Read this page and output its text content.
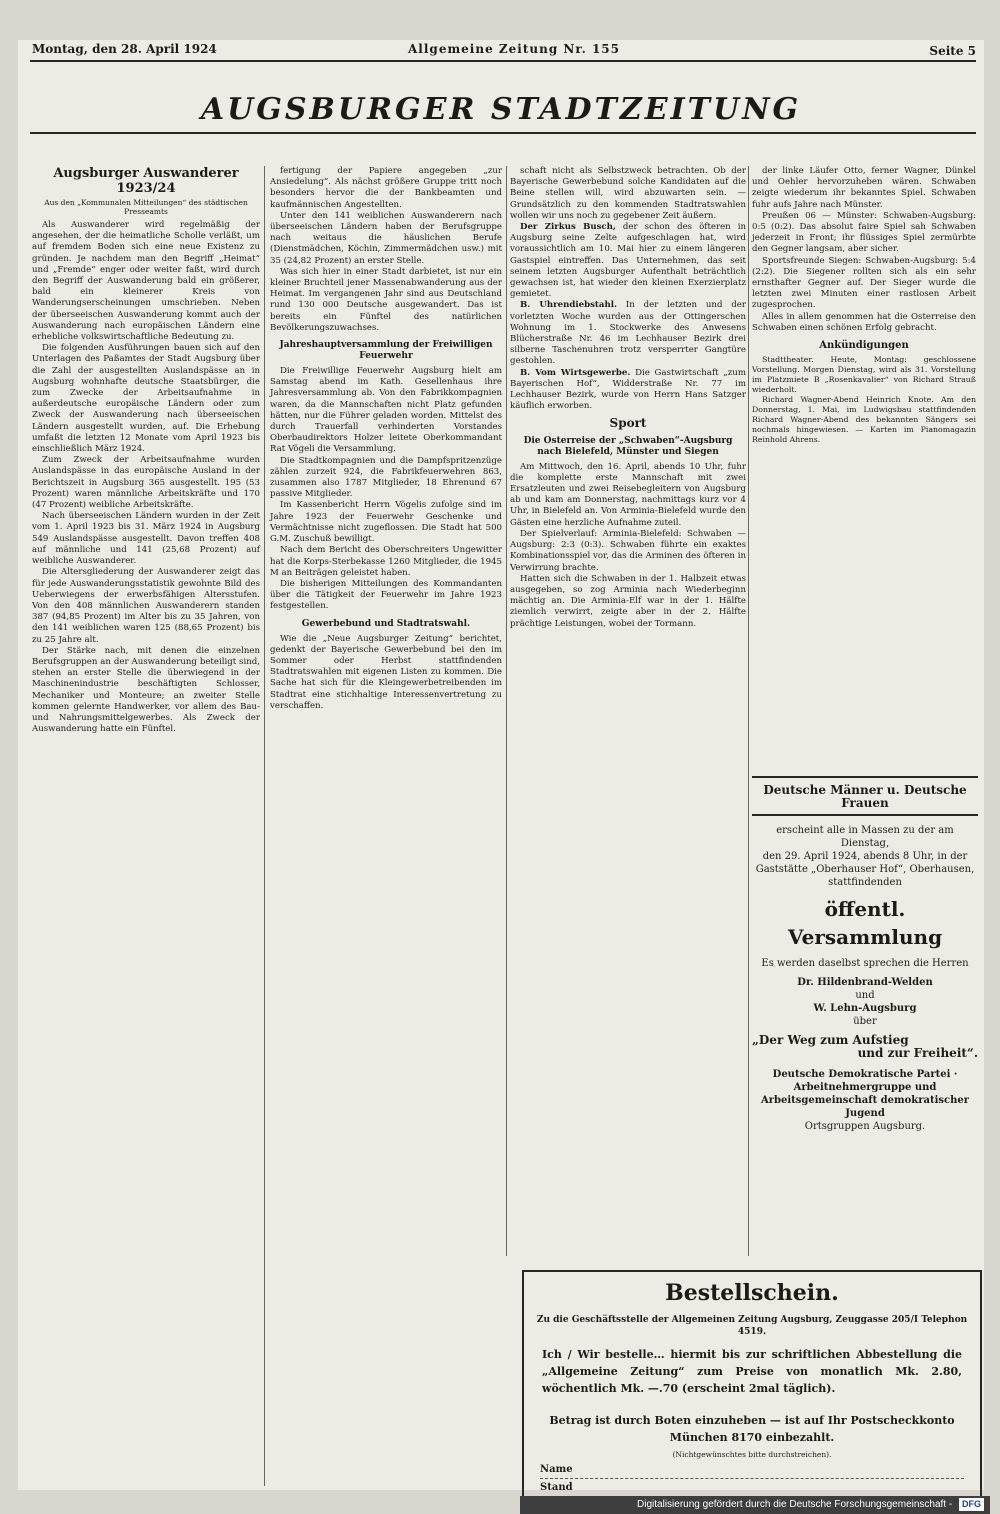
Montag, den 28. April 1924	Allgemeine Zeitung Nr. 155	Seite 5
AUGSBURGER STADTZEITUNG
Augsburger Auswanderer 1923/24
Aus den „Kommunalen Mitteilungen“ des städtischen Presseamts

Als Auswanderer wird regelmäßig der angesehen, der die heimatliche Scholle verläßt, um auf fremdem Boden sich eine neue Existenz zu gründen. Je nachdem man den Begriff „Heimat“ und „Fremde“ enger oder weiter faßt, wird durch den Begriff der Auswanderung bald ein größerer, bald ein kleinerer Kreis von Wanderungserscheinungen umschrieben. Neben der überseeischen Auswanderung kommt auch der Auswanderung nach europäischen Ländern eine erhebliche volkswirtschaftliche Bedeutung zu.

Die folgenden Ausführungen bauen sich auf den Unterlagen des Paßamtes der Stadt Augsburg über die Zahl der ausgestellten Auslandspässe an in Augsburg wohnhafte deutsche Staatsbürger, die zum Zwecke der Arbeitsaufnahme in außerdeutsche europäische Ländern oder zum Zweck der Auswanderung nach überseeischen Ländern ausgestellt wurden, auf. Die Erhebung umfaßt die letzten 12 Monate vom April 1923 bis einschließlich März 1924.

Zum Zweck der Arbeitsaufnahme wurden Auslandspässe in das europäische Ausland in der Berichtszeit in Augsburg 365 ausgestellt. 195 (53 Prozent) waren männliche Arbeitskräfte und 170 (47 Prozent) weibliche Arbeitskräfte.

Nach überseeischen Ländern wurden in der Zeit vom 1. April 1923 bis 31. März 1924 in Augsburg 549 Auslandspässe ausgestellt. Davon treffen 408 auf männliche und 141 (25,68 Prozent) auf weibliche Auswanderer.

Die Altersgliederung der Auswanderer zeigt das für jede Auswanderungsstatistik gewohnte Bild des Ueberwiegens der erwerbsfähigen Altersstufen. Von den 408 männlichen Auswanderern standen 387 (94,85 Prozent) im Alter bis zu 35 Jahren, von den 141 weiblichen waren 125 (88,65 Prozent) bis zu 25 Jahre alt.

Der Stärke nach, mit denen die einzelnen Berufsgruppen an der Auswanderung beteiligt sind, stehen an erster Stelle die überwiegend in der Maschinenindustrie beschäftigten Schlosser, Mechaniker und Monteure; an zweiter Stelle kommen gelernte Handwerker, vor allem des Bau- und Nahrungsmittelgewerbes. Als Zweck der Auswanderung hatte ein Fünftel.

fertigung der Papiere angegeben „zur Ansiedelung“. Als nächst größere Gruppe tritt noch besonders hervor die der Bankbeamten und kaufmännischen Angestellten.

Unter den 141 weiblichen Auswanderern nach überseeischen Ländern haben der Berufsgruppe nach weitaus die häuslichen Berufe (Dienstmädchen, Köchin, Zimmermädchen usw.) mit 35 (24,82 Prozent) an erster Stelle.

Was sich hier in einer Stadt darbietet, ist nur ein kleiner Bruchteil jener Massenabwanderung aus der Heimat. Im vergangenen Jahr sind aus Deutschland rund 130 000 Deutsche ausgewandert. Das ist bereits ein Fünftel des natürlichen Bevölkerungszuwachses.

Jahreshauptversammlung der Freiwilligen Feuerwehr

Die Freiwillige Feuerwehr Augsburg hielt am Samstag abend im Kath. Gesellenhaus ihre Jahresversammlung ab. Von den Fabrikkompagnien waren, da die Mannschaften nicht Platz gefunden hätten, nur die Führer geladen worden. Mittelst des durch Trauerfall verhinderten Vorstandes Oberbaudirektors Holzer leitete Oberkommandant Rat Vögeli die Versammlung.

Die Stadtkompagnien und die Dampfspritzenzüge zählen zurzeit 924, die Fabrikfeuerwehren 863, zusammen also 1787 Mitglieder, 18 Ehrenund 67 passive Mitglieder.

Im Kassenbericht Herrn Vögelis zufolge sind im Jahre 1923 der Feuerwehr Geschenke und Vermächtnisse nicht zugeflossen. Die Stadt hat 500 G.M. Zuschuß bewilligt.

Nach dem Bericht des Oberschreiters Ungewitter hat die Korps-Sterbekasse 1260 Mitglieder, die 1945 M an Beiträgen geleistet haben.

Die bisherigen Mitteilungen des Kommandanten über die Tätigkeit der Feuerwehr im Jahre 1923 festgestellen.

Gewerbebund und Stadtratswahl.

Wie die „Neue Augsburger Zeitung“ berichtet, gedenkt der Bayerische Gewerbebund bei den im Sommer oder Herbst stattfindenden Stadtratswahlen mit eigenen Listen zu kommen. Die Sache hat sich für die Kleingewerbetreibenden im Stadtrat eine stichhaltige Interessenvertretung zu verschaffen.

schaft nicht als Selbstzweck betrachten. Ob der Bayerische Gewerbebund solche Kandidaten auf die Beine stellen will, wird abzuwarten sein. — Grundsätzlich zu den kommenden Stadtratswahlen wollen wir uns noch zu gegebener Zeit äußern.

Der Zirkus Busch, der schon des öfteren in Augsburg seine Zelte aufgeschlagen hat, wird voraussichtlich am 10. Mai hier zu einem längeren Gastspiel eintreffen. Das Unternehmen, das seit seinem letzten Augsburger Aufenthalt beträchtlich gewachsen ist, hat wieder den kleinen Exerzierplatz gemietet.

B. Uhrendiebstahl. In der letzten und der vorletzten Woche wurden aus der Ottingerschen Wohnung im 1. Stockwerke des Anwesens Blücherstraße Nr. 46 im Lechhauser Bezirk drei silberne Taschenuhren trotz versperrter Gangtüre gestohlen.

B. Vom Wirtsgewerbe. Die Gastwirtschaft „zum Bayerischen Hof“, Widderstraße Nr. 77 im Lechhauser Bezirk, wurde von Herrn Hans Satzger käuflich erworben.

Sport
Die Osterreise der „Schwaben“-Augsburg nach Bielefeld, Münster und Siegen

Am Mittwoch, den 16. April, abends 10 Uhr, fuhr die komplette erste Mannschaft mit zwei Ersatzleuten und zwei Reisebegleitern von Augsburg ab und kam am Donnerstag, nachmittags kurz vor 4 Uhr, in Bielefeld an. Von Arminia-Bielefeld wurde den Gästen eine herzliche Aufnahme zuteil.

Der Spielverlauf: Arminia-Bielefeld: Schwaben — Augsburg: 2:3 (0:3). Schwaben führte ein exaktes Kombinationsspiel vor, das die Arminen des öfteren in Verwirrung brachte.

Hatten sich die Schwaben in der 1. Halbzeit etwas ausgegeben, so zog Arminia nach Wiederbeginn mächtig an. Die Arminia-Elf war in der 1. Hälfte ziemlich verwirrt, zeigte aber in der 2. Hälfte prächtige Leistungen, wobei der Tormann.

der linke Läufer Otto, ferner Wagner, Dünkel und Oehler hervorzuheben wären. Schwaben zeigte wiederum ihr bekanntes Spiel. Schwaben fuhr aufs Jahre nach Münster.

Preußen 06 — Münster: Schwaben-Augsburg: 0:5 (0:2). Das absolut faire Spiel sah Schwaben jederzeit in Front; ihr flüssiges Spiel zermürbte den Gegner langsam, aber sicher.

Sportsfreunde Siegen: Schwaben-Augsburg: 5:4 (2:2). Die Siegener rollten sich als ein sehr ernsthafter Gegner auf. Der Sieger wurde die letzten zwei Minuten einer rastlosen Arbeit zugesprochen.

Alles in allem genommen hat die Osterreise den Schwaben einen schönen Erfolg gebracht.

Ankündigungen

Stadttheater. Heute, Montag: geschlossene Vorstellung. Morgen Dienstag, wird als 31. Vorstellung im Platzmiete B „Rosenkavalier“ von Richard Strauß wiederholt.

Richard Wagner-Abend Heinrich Knote. Am den Donnerstag, 1. Mai, im Ludwigsbau stattfindenden Richard Wagner-Abend des bekannten Sängers sei nochmals hingewiesen. — Karten im Pianomagazin Reinhold Ahrens.

Deutsche Männer u. Deutsche Frauen
erscheint alle in Massen zu der am Dienstag,
den 29. April 1924, abends 8 Uhr, in der
Gaststätte „Oberhauser Hof“, Oberhausen,
stattfindenden
öffentl. Versammlung
Es werden daselbst sprechen die Herren
Dr. Hildenbrand-Welden
und
W. Lehn-Augsburg
über
„Der Weg zum Aufstieg
und zur Freiheit“.
Deutsche Demokratische Partei · Arbeitnehmergruppe und Arbeitsgemeinschaft demokratischer Jugend
Ortsgruppen Augsburg.
Bestellschein.
Zu die Geschäftsstelle der Allgemeinen Zeitung Augsburg, Zeuggasse 205/I Telephon 4519.
Ich / Wir bestelle… hiermit bis zur schriftlichen Abbestellung die „Allgemeine Zeitung“ zum Preise von monatlich Mk. 2.80, wöchentlich Mk. —.70 (erscheint 2mal täglich).
Betrag ist durch Boten einzuheben — ist auf Ihr Postscheckkonto München 8170 einbezahlt.
(Nichtgewünschtes bitte durchstreichen).
Name
Stand
Digitalisierung gefördert durch die Deutsche Forschungsgemeinschaft - DFG
